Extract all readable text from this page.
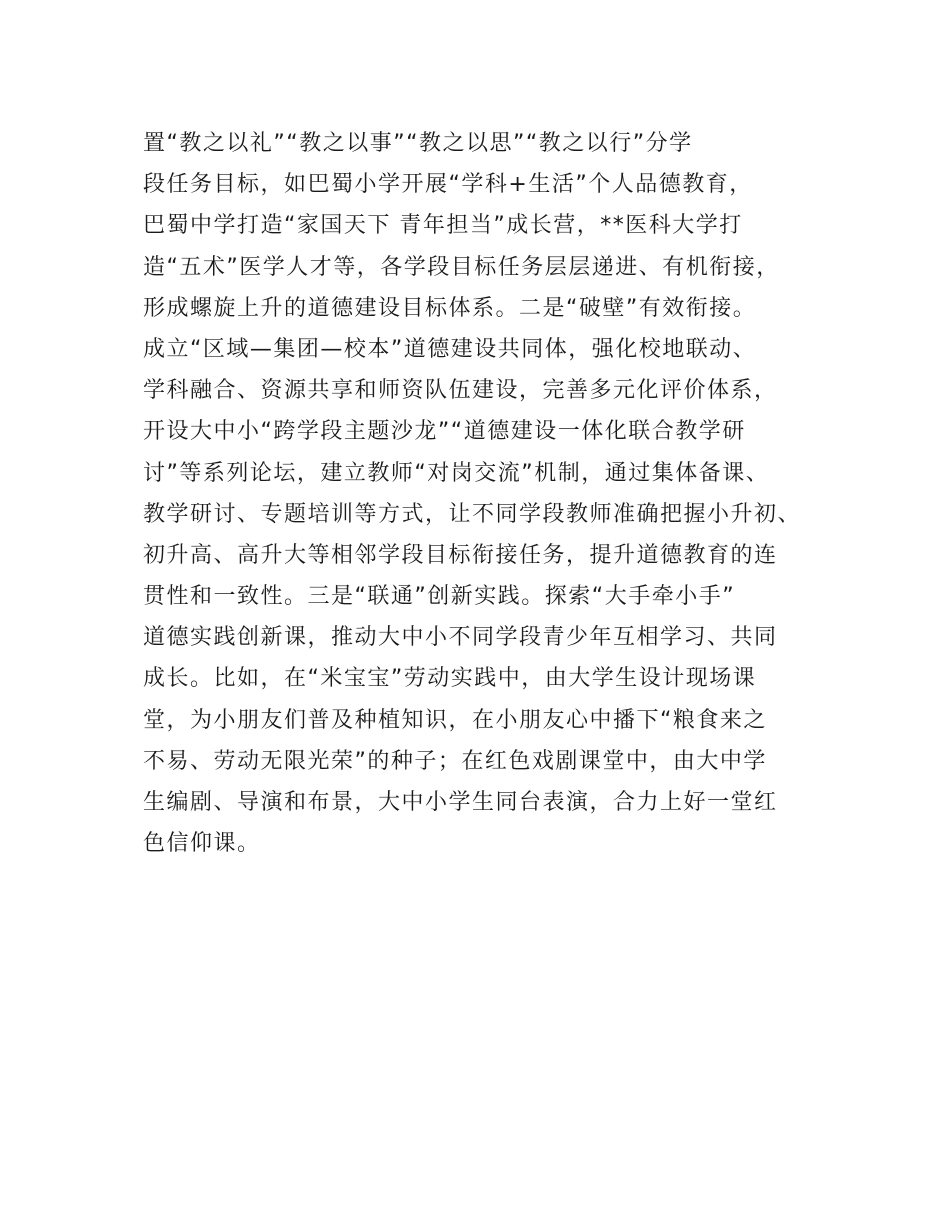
置“教之以礼”“教之以事”“教之以思”“教之以行”分学
段任务目标，如巴蜀小学开展“学科+生活”个人品德教育，
巴蜀中学打造“家国天下 青年担当”成长营，**医科大学打
造“五术”医学人才等，各学段目标任务层层递进、有机衔接，
形成螺旋上升的道德建设目标体系。二是“破壁”有效衔接。
成立“区域—集团—校本”道德建设共同体，强化校地联动、
学科融合、资源共享和师资队伍建设，完善多元化评价体系，
开设大中小“跨学段主题沙龙”“道德建设一体化联合教学研
讨”等系列论坛，建立教师“对岗交流”机制，通过集体备课、
教学研讨、专题培训等方式，让不同学段教师准确把握小升初、
初升高、高升大等相邻学段目标衔接任务，提升道德教育的连
贯性和一致性。三是“联通”创新实践。探索“大手牵小手”
道德实践创新课，推动大中小不同学段青少年互相学习、共同
成长。比如，在“米宝宝”劳动实践中，由大学生设计现场课
堂，为小朋友们普及种植知识，在小朋友心中播下“粮食来之
不易、劳动无限光荣”的种子；在红色戏剧课堂中，由大中学
生编剧、导演和布景，大中小学生同台表演，合力上好一堂红
色信仰课。
